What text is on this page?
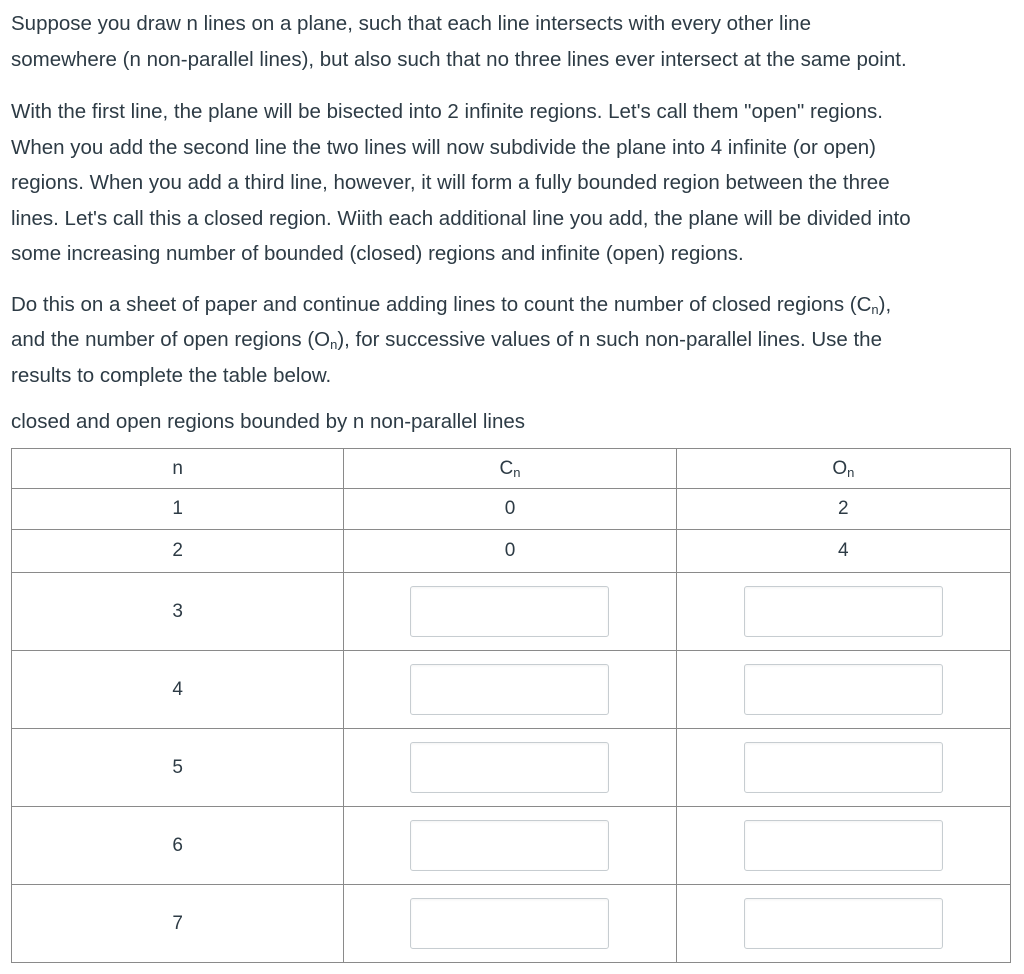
Suppose you draw n lines on a plane, such that each line intersects with every other line
somewhere (n non-parallel lines), but also such that no three lines ever intersect at the same point.

With the first line, the plane will be bisected into 2 infinite regions. Let's call them "open" regions.
When you add the second line the two lines will now subdivide the plane into 4 infinite (or open)
regions. When you add a third line, however, it will form a fully bounded region between the three
lines. Let's call this a closed region. Wiith each additional line you add, the plane will be divided into
some increasing number of bounded (closed) regions and infinite (open) regions.

Do this on a sheet of paper and continue adding lines to count the number of closed regions $(C_n)$,
and the number of open regions $(O_n)$, for successive values of n such non-parallel lines. Use the
results to complete the table below.

closed and open regions bounded by n non-parallel lines

n	$C_n$	$O_n$
1	0	2
2	0	4
3		
4		
5		
6		
7		
